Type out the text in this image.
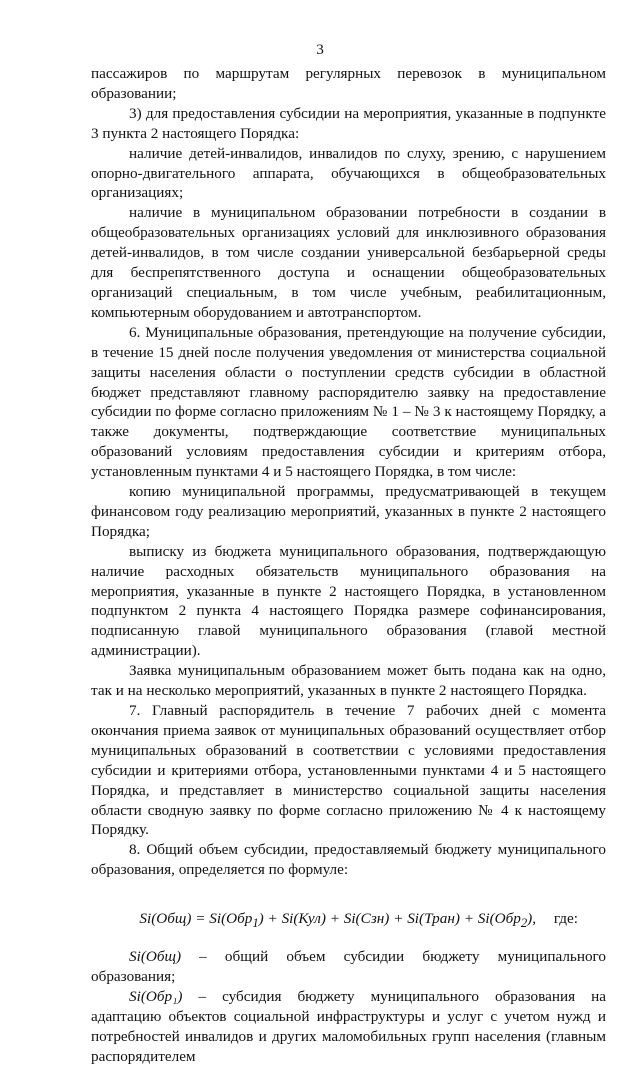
3

пассажиров по маршрутам регулярных перевозок в муниципальном образовании;

3) для предоставления субсидии на мероприятия, указанные в подпункте 3 пункта 2 настоящего Порядка:

наличие детей-инвалидов, инвалидов по слуху, зрению, с нарушением опорно-двигательного аппарата, обучающихся в общеобразовательных организациях;

наличие в муниципальном образовании потребности в создании в общеобразовательных организациях условий для инклюзивного образования детей-инвалидов, в том числе создании универсальной безбарьерной среды для беспрепятственного доступа и оснащении общеобразовательных организаций специальным, в том числе учебным, реабилитационным, компьютерным оборудованием и автотранспортом.

6. Муниципальные образования, претендующие на получение субсидии, в течение 15 дней после получения уведомления от министерства социальной защиты населения области о поступлении средств субсидии в областной бюджет представляют главному распорядителю заявку на предоставление субсидии по форме согласно приложениям № 1 – № 3 к настоящему Порядку, а также документы, подтверждающие соответствие муниципальных образований условиям предоставления субсидии и критериям отбора, установленным пунктами 4 и 5 настоящего Порядка, в том числе:

копию муниципальной программы, предусматривающей в текущем финансовом году реализацию мероприятий, указанных в пункте 2 настоящего Порядка;

выписку из бюджета муниципального образования, подтверждающую наличие расходных обязательств муниципального образования на мероприятия, указанные в пункте 2 настоящего Порядка, в установленном подпунктом 2 пункта 4 настоящего Порядка размере софинансирования, подписанную главой муниципального образования (главой местной администрации).

Заявка муниципальным образованием может быть подана как на одно, так и на несколько мероприятий, указанных в пункте 2 настоящего Порядка.

7. Главный распорядитель в течение 7 рабочих дней с момента окончания приема заявок от муниципальных образований осуществляет отбор муниципальных образований в соответствии с условиями предоставления субсидии и критериями отбора, установленными пунктами 4 и 5 настоящего Порядка, и представляет в министерство социальной защиты населения области сводную заявку по форме согласно приложению № 4 к настоящему Порядку.

8. Общий объем субсидии, предоставляемый бюджету муниципального образования, определяется по формуле:

Si(Общ) = Si(Обр$_1$) + Si(Кул) + Si(Сзн) + Si(Тран) + Si(Обр$_2$), где:

Si(Общ) – общий объем субсидии бюджету муниципального образования;

Si(Обр₁) – субсидия бюджету муниципального образования на адаптацию объектов социальной инфраструктуры и услуг с учетом нужд и потребностей инвалидов и других маломобильных групп населения (главным распорядителем
